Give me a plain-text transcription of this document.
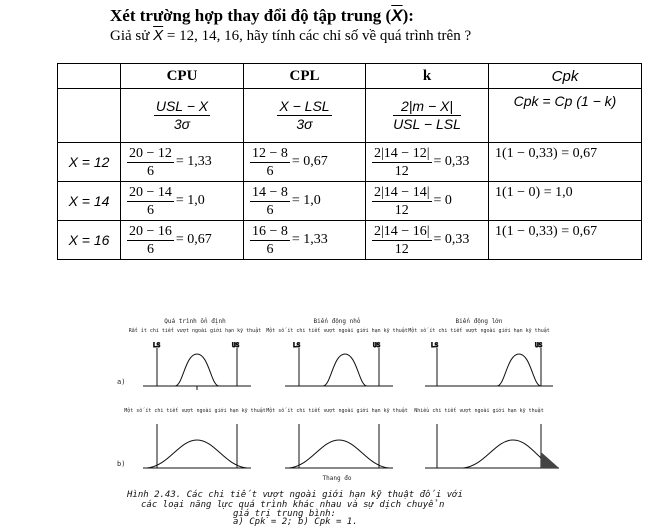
Xét trường hợp thay đổi độ tập trung $(\overline{X})$:
Giả sử $\overline{X} = 12$, 14, 16, hãy tính các chỉ số về quá trình trên ?
	CPU	CPL	k	Cpk

	$\frac{\text{USL − X}}{3\sigma}$	$\frac{\text{X − LSL}}{3\sigma}$	$\frac{2|m - X|}{\text{USL − LSL}}$	Cpk = Cp (1 − k)
X = 12	$\frac{20 - 12}{6} = 1,33$	$\frac{12 - 8}{6} = 0,67$	$\frac{2|14 - 12|}{12} = 0,33$	1(1 − 0,33) = 0,67
X = 14	$\frac{20 - 14}{6} = 1,0$	$\frac{14 - 8}{6} = 1,0$	$\frac{2|14 - 14|}{12} = 0$	1(1 − 0) = 1,0
X = 16	$\frac{20 - 16}{6} = 0,67$	$\frac{16 - 8}{6} = 1,33$	$\frac{2|14 - 16|}{12} = 0,33$	1(1 − 0,33) = 0,67
Quá trình ổn định	Biến động nhỏ	Biến động lớn
Rất ít chi tiết vượt ngoài giới hạn kỹ thuật Một số ít chi tiết vượt ngoài giới hạn kỹ thuật Một số ít chi tiết vượt ngoài giới hạn kỹ thuật
a)
LS	US	LS	US	LS	US
Một số ít chi tiết vượt ngoài giới hạn kỹ thuật Một số ít chi tiết vượt ngoài giới hạn kỹ thuật Nhiều chi tiết vượt ngoài giới hạn kỹ thuật
b)
Thang đo
Hình 2.43. Các chi tiết vượt ngoài giới hạn kỹ thuật đối với
các loại năng lực quá trình khác nhau và sự dịch chuyển
giá trị trung bình:
a) Cpk = 2; b) Cpk = 1.
